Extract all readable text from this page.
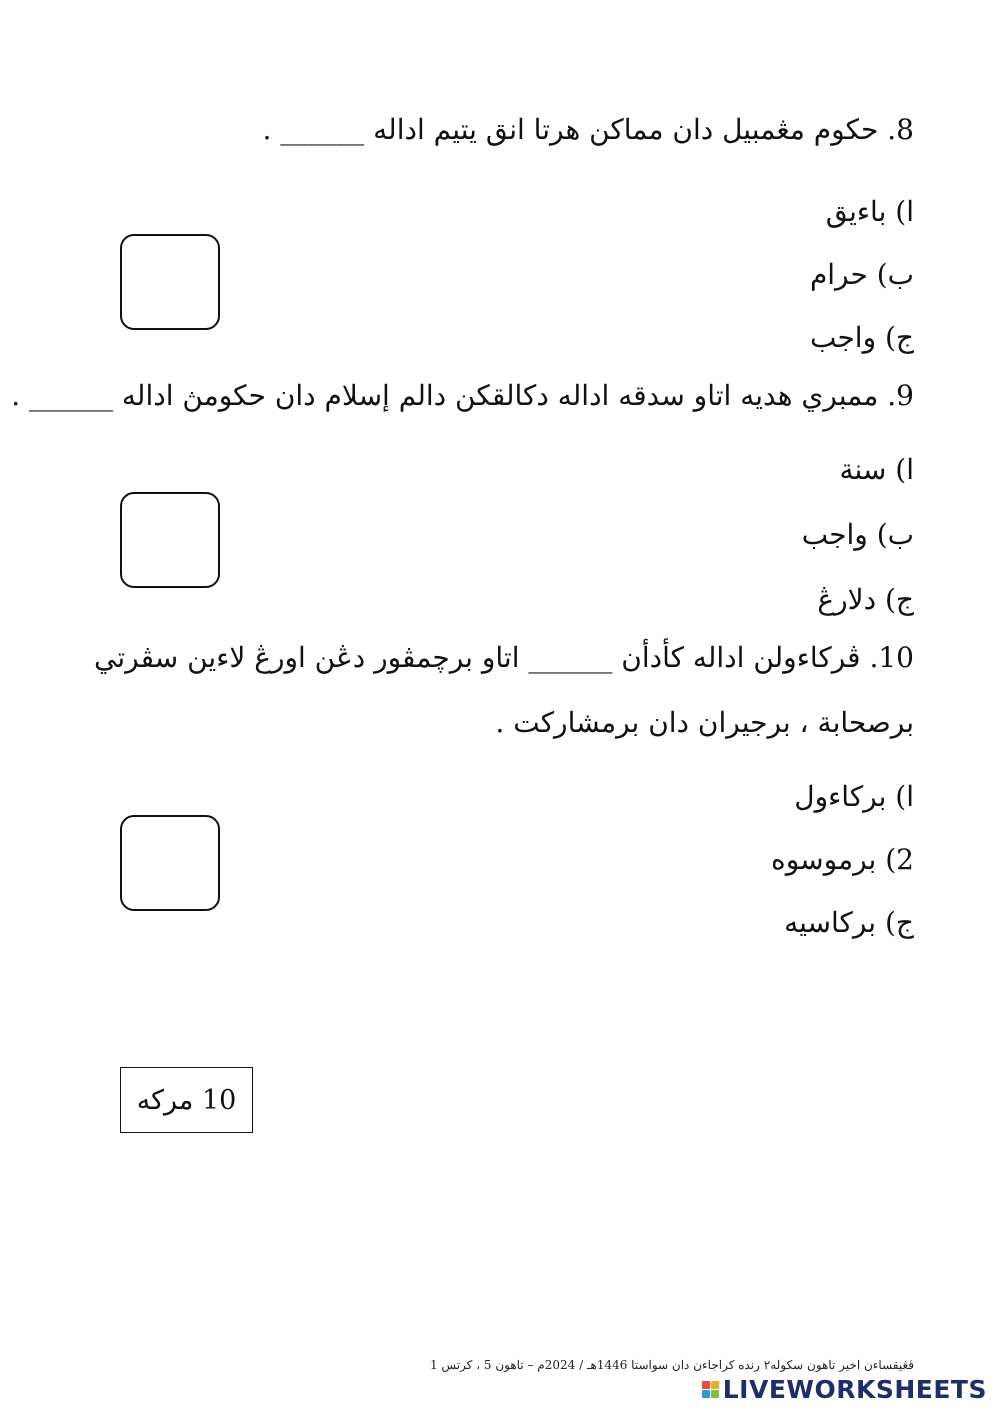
8. حکوم مڠمبيل دان مماکن هرتا انق يتيم اداله ______ .
ا) باءيق
ب) حرام
ج) واجب
9. ممبري هديه اتاو سدقه اداله دکالقکن دالم إسلام دان حکومڽ اداله ______ .
ا) سنة
ب) واجب
ج) دلارڠ
10. ڤرکاءولن اداله کأدأن ______ اتاو برچمڤور دڠن اورڠ لاءين سڤرتي
برصحابة ، برجيران دان برمشارکت .
ا) برکاءول
2) برموسوه
ج) برکاسيه
10 مرکه
ڤڠيقساءن اخير تاهون سکوله٢ رنده کراجاءن دان سواستا 1446هـ / 2024م – تاهون 5 ، کرتس 1
LIVEWORKSHEETS
